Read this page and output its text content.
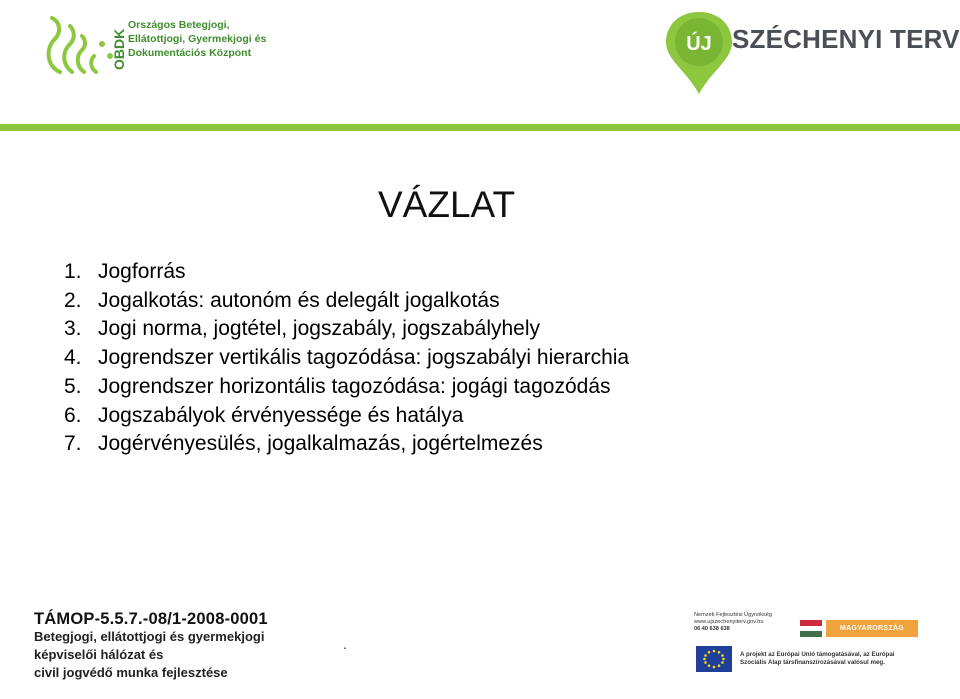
OBDK
Országos Betegjogi,
Ellátottjogi, Gyermekjogi és
Dokumentációs Központ	ÚJ SZÉCHENYI TERV
VÁZLAT
1. Jogforrás
2. Jogalkotás: autonóm és delegált jogalkotás
3. Jogi norma, jogtétel, jogszabály, jogszabályhely
4. Jogrendszer vertikális tagozódása: jogszabályi hierarchia
5. Jogrendszer horizontális tagozódása: jogági tagozódás
6. Jogszabályok érvényessége és hatálya
7. Jogérvényesülés, jogalkalmazás, jogértelmezés
TÁMOP-5.5.7.-08/1-2008-0001
Betegjogi, ellátottjogi és gyermekjogi
képviselői hálózat és
civil jogvédő munka fejlesztése
.
Nemzeti Fejlesztési Ügynökség
www.ujszechenyiterv.gov.hu
06 40 638 638	MAGYARORSZÁG MEGÚJUL
A projekt az Európai Unió támogatásával, az Európai
Szociális Alap társfinanszírozásával valósul meg.
